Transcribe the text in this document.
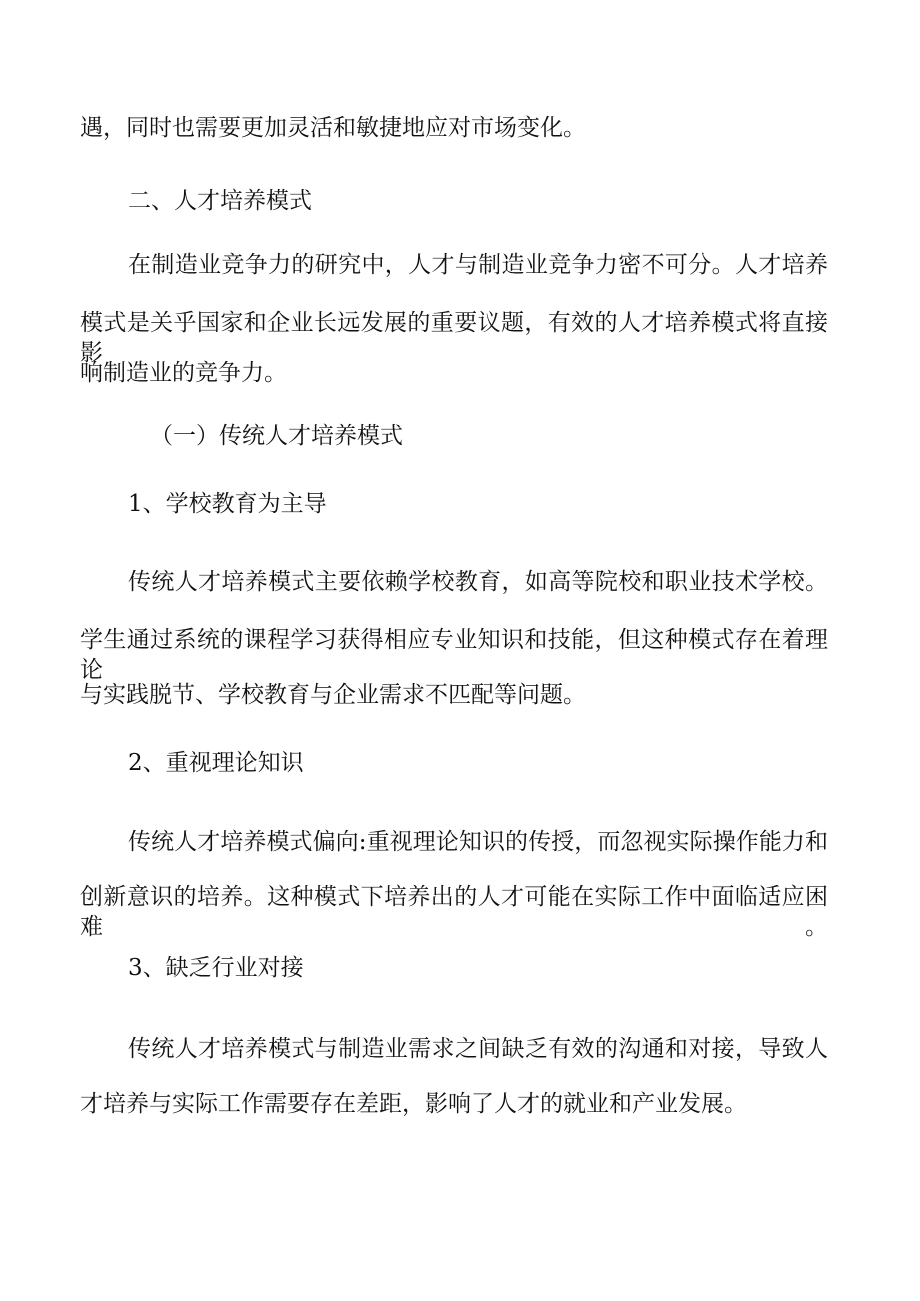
遇，同时也需要更加灵活和敏捷地应对市场变化。

二、人才培养模式

在制造业竞争力的研究中，人才与制造业竞争力密不可分。人才培养

模式是关乎国家和企业长远发展的重要议题，有效的人才培养模式将直接影

响制造业的竞争力。

（一）传统人才培养模式

1、学校教育为主导

传统人才培养模式主要依赖学校教育，如高等院校和职业技术学校。

学生通过系统的课程学习获得相应专业知识和技能，但这种模式存在着理论

与实践脱节、学校教育与企业需求不匹配等问题。

2、重视理论知识

传统人才培养模式偏向:重视理论知识的传授，而忽视实际操作能力和

创新意识的培养。这种模式下培养出的人才可能在实际工作中面临适应困难。

3、缺乏行业对接

传统人才培养模式与制造业需求之间缺乏有效的沟通和对接，导致人

才培养与实际工作需要存在差距，影响了人才的就业和产业发展。
